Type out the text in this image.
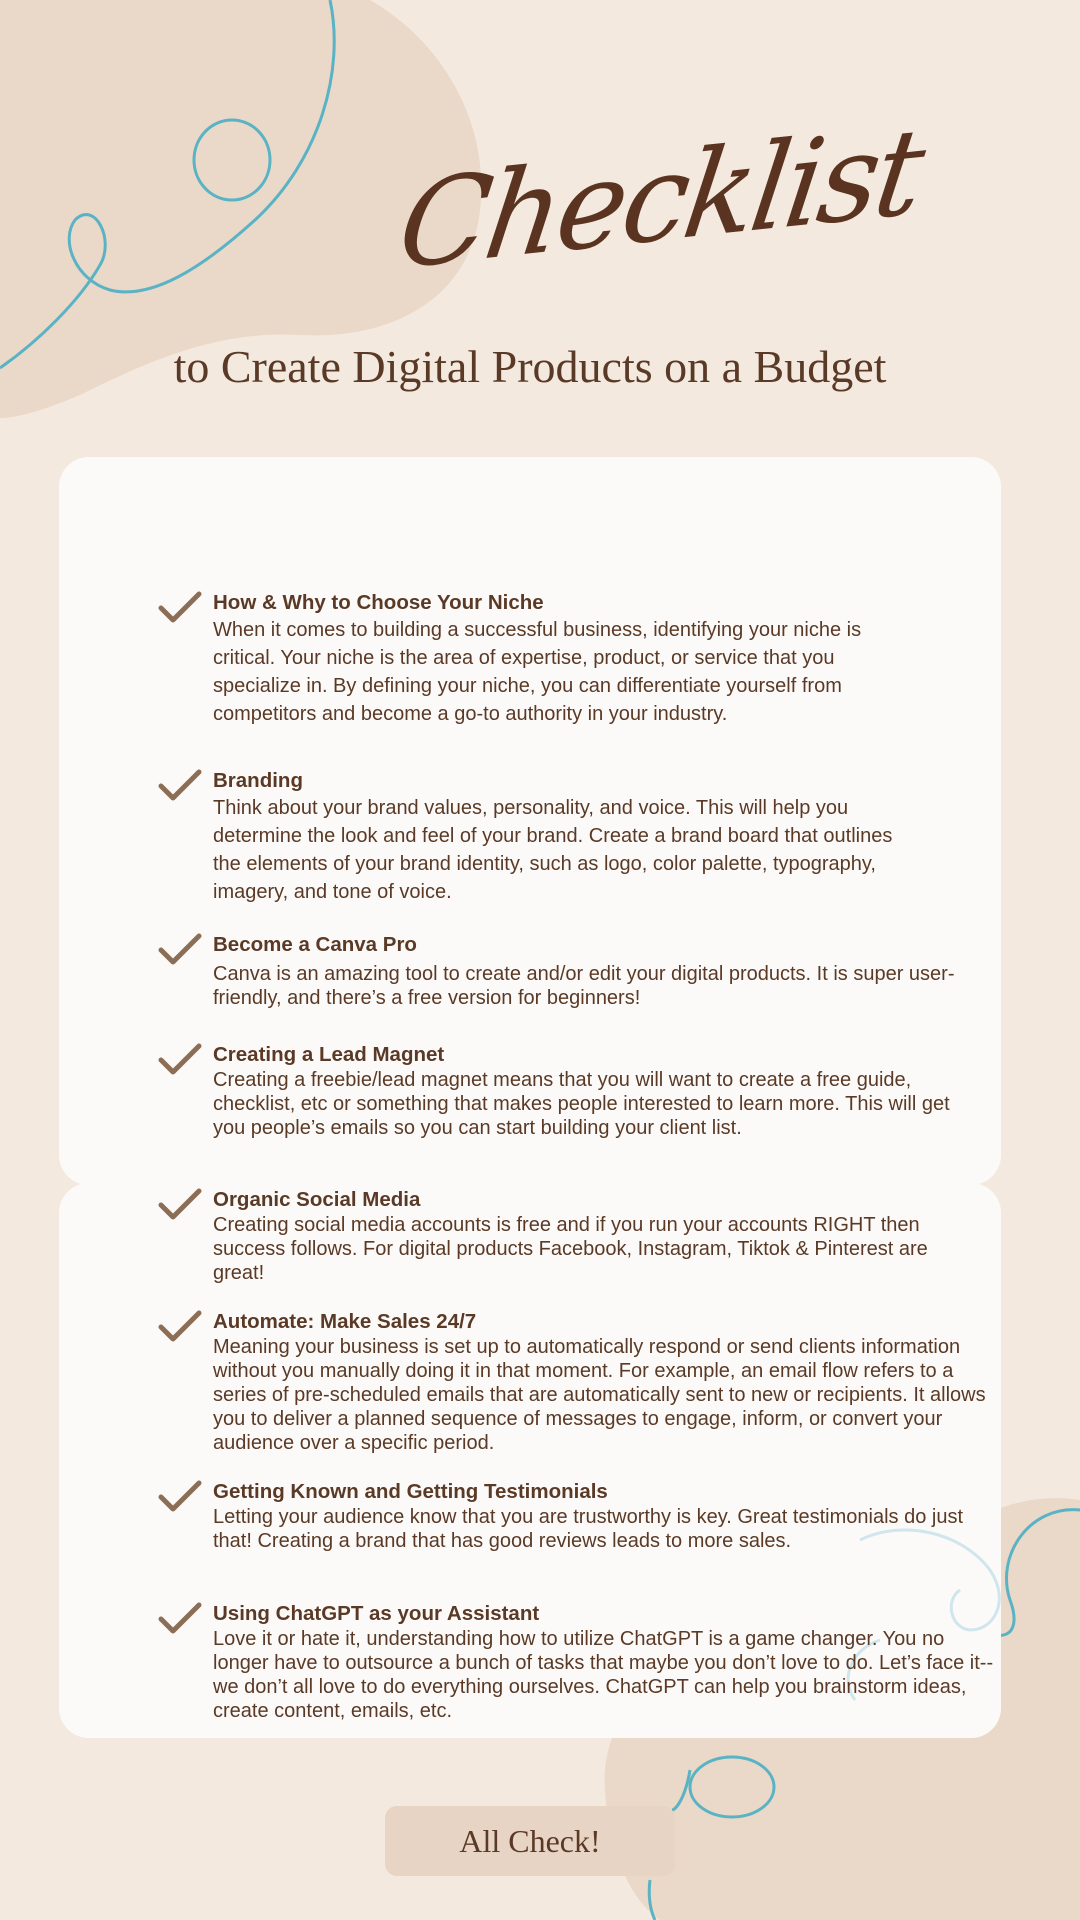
Checklist
to Create Digital Products on a Budget
How & Why to Choose Your Niche
When it comes to building a successful business, identifying your niche is critical. Your niche is the area of expertise, product, or service that you specialize in. By defining your niche, you can differentiate yourself from competitors and become a go-to authority in your industry.
Branding
Think about your brand values, personality, and voice. This will help you determine the look and feel of your brand. Create a brand board that outlines the elements of your brand identity, such as logo, color palette, typography, imagery, and tone of voice.
Become a Canva Pro
Canva is an amazing tool to create and/or edit your digital products. It is super user-friendly, and there’s a free version for beginners!
Creating a Lead Magnet
Creating a freebie/lead magnet means that you will want to create a free guide, checklist, etc or something that makes people interested to learn more. This will get you people’s emails so you can start building your client list.
Organic Social Media
Creating social media accounts is free and if you run your accounts RIGHT then success follows. For digital products Facebook, Instagram, Tiktok & Pinterest are great!
Automate: Make Sales 24/7
Meaning your business is set up to automatically respond or send clients information without you manually doing it in that moment. For example, an email flow refers to a series of pre-scheduled emails that are automatically sent to new or recipients. It allows you to deliver a planned sequence of messages to engage, inform, or convert your audience over a specific period.
Getting Known and Getting Testimonials
Letting your audience know that you are trustworthy is key. Great testimonials do just that! Creating a brand that has good reviews leads to more sales.
Using ChatGPT as your Assistant
Love it or hate it, understanding how to utilize ChatGPT is a game changer. You no longer have to outsource a bunch of tasks that maybe you don’t love to do. Let’s face it--we don’t all love to do everything ourselves. ChatGPT can help you brainstorm ideas, create content, emails, etc.
All Check!
